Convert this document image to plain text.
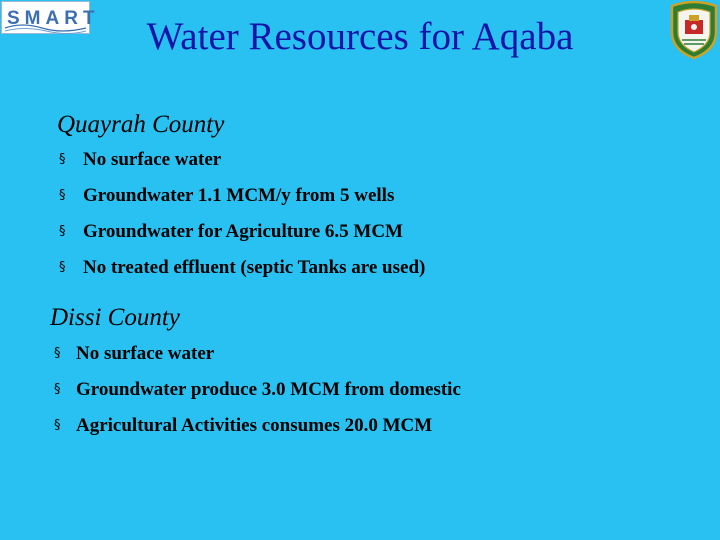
SMART	Water Resources for Aqaba
Quayrah County
§ No surface water
§ Groundwater 1.1 MCM/y from 5 wells
§ Groundwater for Agriculture 6.5 MCM
§ No treated effluent (septic Tanks are used)
Dissi County
§ No surface water
§ Groundwater produce 3.0 MCM from domestic
§ Agricultural Activities consumes 20.0 MCM
